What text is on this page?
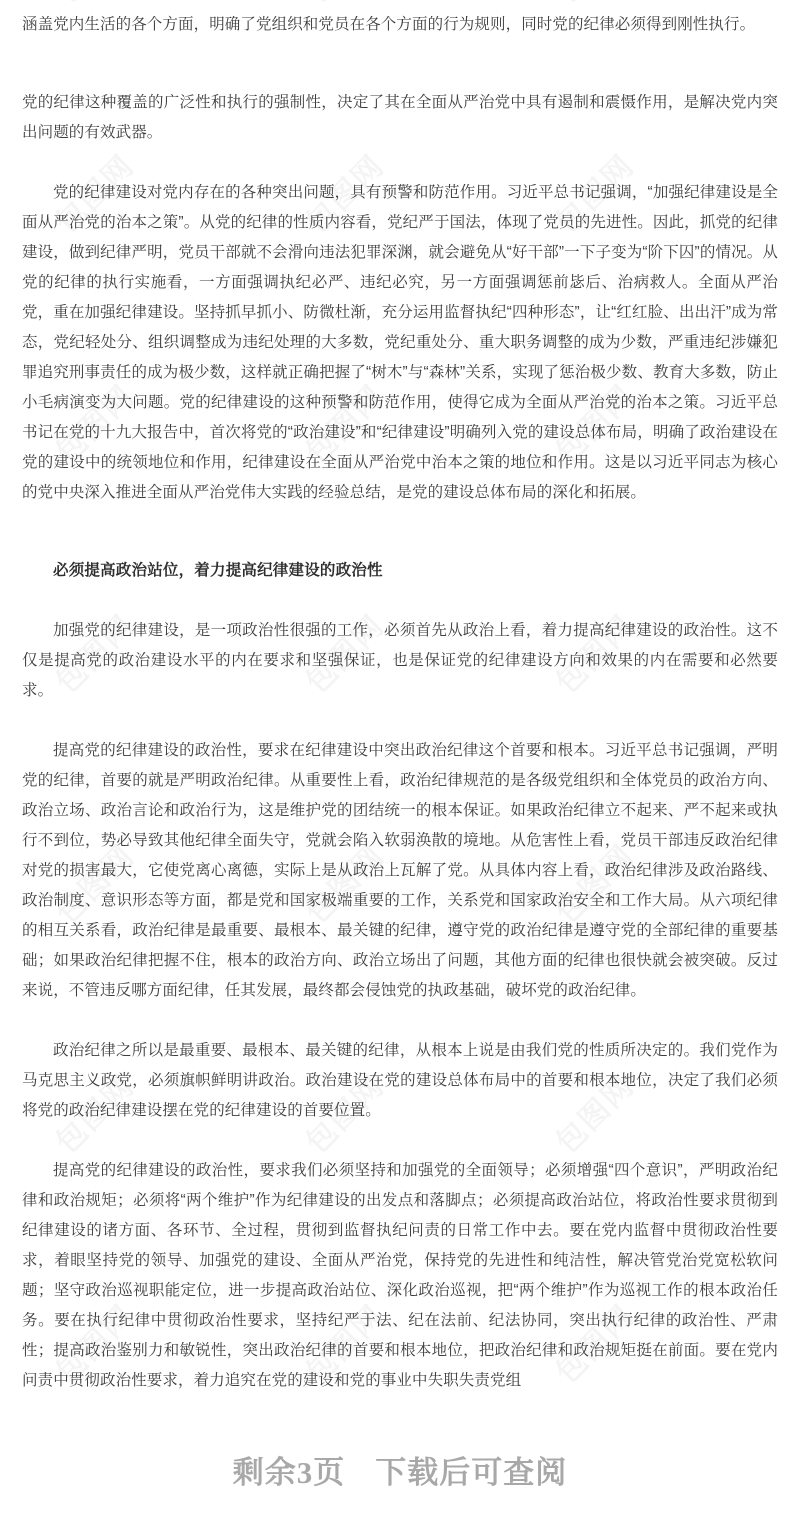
涵盖党内生活的各个方面，明确了党组织和党员在各个方面的行为规则，同时党的纪律必须得到刚性执行。

党的纪律这种覆盖的广泛性和执行的强制性，决定了其在全面从严治党中具有遏制和震慑作用，是解决党内突出问题的有效武器。

党的纪律建设对党内存在的各种突出问题，具有预警和防范作用。习近平总书记强调，“加强纪律建设是全面从严治党的治本之策”。从党的纪律的性质内容看，党纪严于国法，体现了党员的先进性。因此，抓党的纪律建设，做到纪律严明，党员干部就不会滑向违法犯罪深渊，就会避免从“好干部”一下子变为“阶下囚”的情况。从党的纪律的执行实施看，一方面强调执纪必严、违纪必究，另一方面强调惩前毖后、治病救人。全面从严治党，重在加强纪律建设。坚持抓早抓小、防微杜渐，充分运用监督执纪“四种形态”，让“红红脸、出出汗”成为常态，党纪轻处分、组织调整成为违纪处理的大多数，党纪重处分、重大职务调整的成为少数，严重违纪涉嫌犯罪追究刑事责任的成为极少数，这样就正确把握了“树木”与“森林”关系，实现了惩治极少数、教育大多数，防止小毛病演变为大问题。党的纪律建设的这种预警和防范作用，使得它成为全面从严治党的治本之策。习近平总书记在党的十九大报告中，首次将党的“政治建设”和“纪律建设”明确列入党的建设总体布局，明确了政治建设在党的建设中的统领地位和作用，纪律建设在全面从严治党中治本之策的地位和作用。这是以习近平同志为核心的党中央深入推进全面从严治党伟大实践的经验总结，是党的建设总体布局的深化和拓展。

必须提高政治站位，着力提高纪律建设的政治性

加强党的纪律建设，是一项政治性很强的工作，必须首先从政治上看，着力提高纪律建设的政治性。这不仅是提高党的政治建设水平的内在要求和坚强保证，也是保证党的纪律建设方向和效果的内在需要和必然要求。

提高党的纪律建设的政治性，要求在纪律建设中突出政治纪律这个首要和根本。习近平总书记强调，严明党的纪律，首要的就是严明政治纪律。从重要性上看，政治纪律规范的是各级党组织和全体党员的政治方向、政治立场、政治言论和政治行为，这是维护党的团结统一的根本保证。如果政治纪律立不起来、严不起来或执行不到位，势必导致其他纪律全面失守，党就会陷入软弱涣散的境地。从危害性上看，党员干部违反政治纪律对党的损害最大，它使党离心离德，实际上是从政治上瓦解了党。从具体内容上看，政治纪律涉及政治路线、政治制度、意识形态等方面，都是党和国家极端重要的工作，关系党和国家政治安全和工作大局。从六项纪律的相互关系看，政治纪律是最重要、最根本、最关键的纪律，遵守党的政治纪律是遵守党的全部纪律的重要基础；如果政治纪律把握不住，根本的政治方向、政治立场出了问题，其他方面的纪律也很快就会被突破。反过来说，不管违反哪方面纪律，任其发展，最终都会侵蚀党的执政基础，破坏党的政治纪律。

政治纪律之所以是最重要、最根本、最关键的纪律，从根本上说是由我们党的性质所决定的。我们党作为马克思主义政党，必须旗帜鲜明讲政治。政治建设在党的建设总体布局中的首要和根本地位，决定了我们必须将党的政治纪律建设摆在党的纪律建设的首要位置。

提高党的纪律建设的政治性，要求我们必须坚持和加强党的全面领导；必须增强“四个意识”，严明政治纪律和政治规矩；必须将“两个维护”作为纪律建设的出发点和落脚点；必须提高政治站位，将政治性要求贯彻到纪律建设的诸方面、各环节、全过程，贯彻到监督执纪问责的日常工作中去。要在党内监督中贯彻政治性要求，着眼坚持党的领导、加强党的建设、全面从严治党，保持党的先进性和纯洁性，解决管党治党宽松软问题；坚守政治巡视职能定位，进一步提高政治站位、深化政治巡视，把“两个维护”作为巡视工作的根本政治任务。要在执行纪律中贯彻政治性要求，坚持纪严于法、纪在法前、纪法协同，突出执行纪律的政治性、严肃性；提高政治鉴别力和敏锐性，突出政治纪律的首要和根本地位，把政治纪律和政治规矩挺在前面。要在党内问责中贯彻政治性要求，着力追究在党的建设和党的事业中失职失责党组

剩余3页 下载后可查阅
